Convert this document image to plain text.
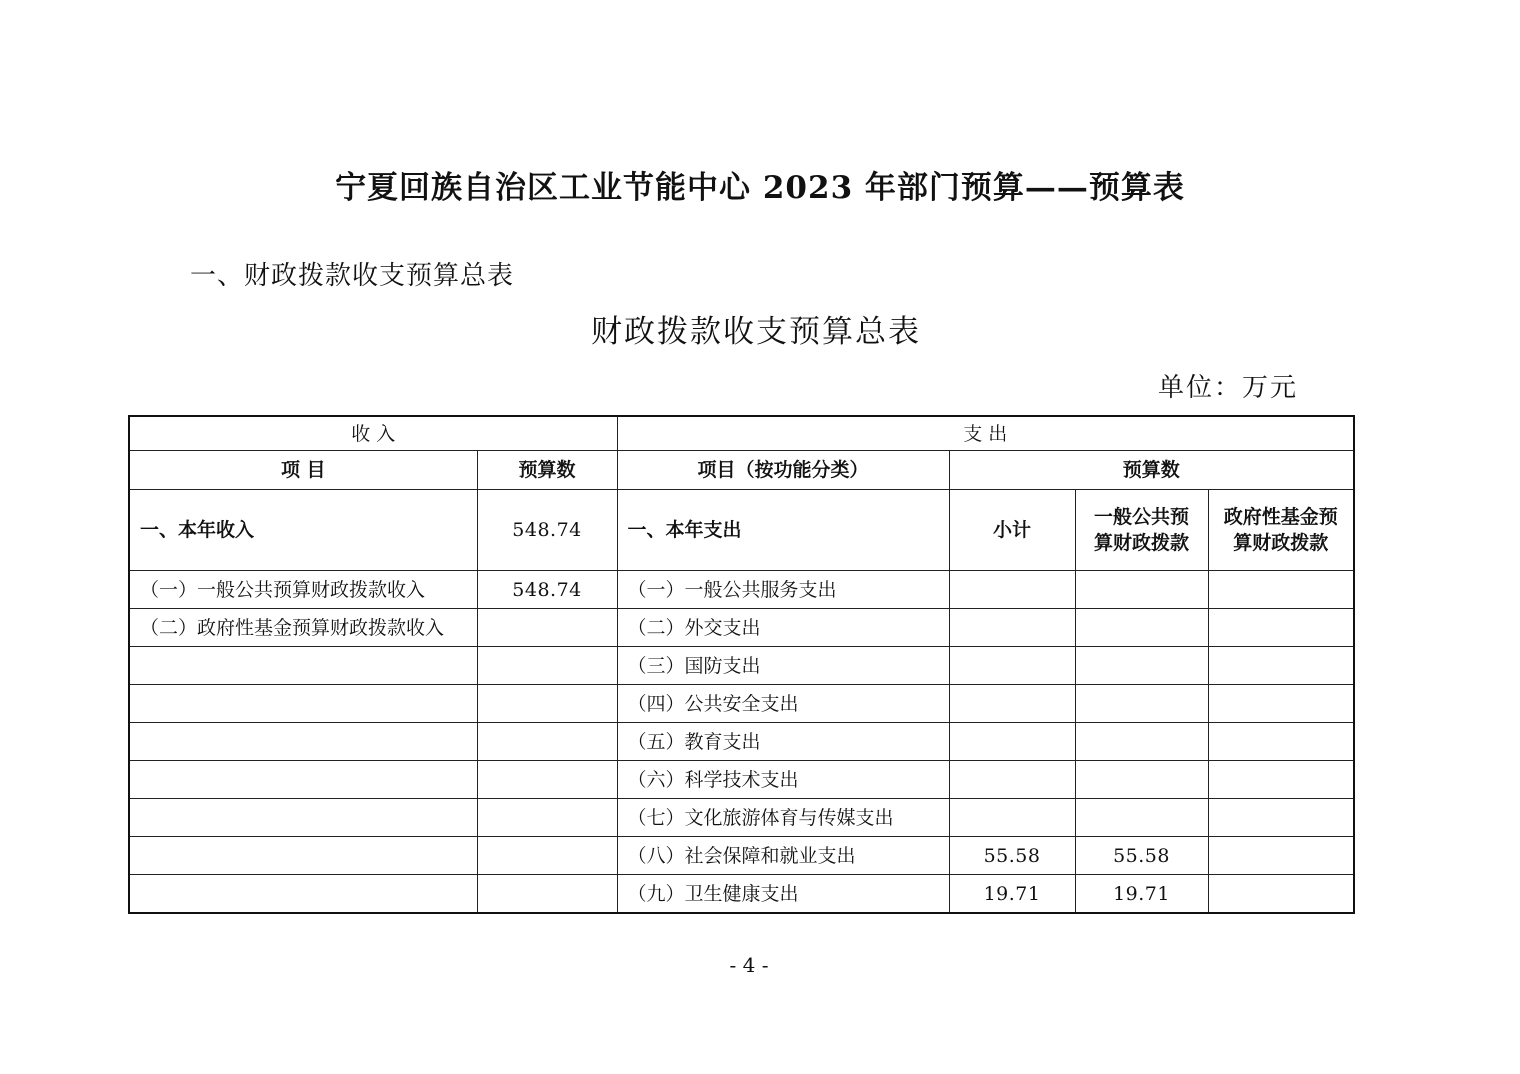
宁夏回族自治区工业节能中心 2023 年部门预算——预算表
一、财政拨款收支预算总表
财政拨款收支预算总表
单位：万元
收 入		支 出			
项 目	预算数	项目（按功能分类）	预算数		
一、本年收入	548.74	一、本年支出	小计	一般公共预算财政拨款	政府性基金预算财政拨款
（一）一般公共预算财政拨款收入	548.74	（一）一般公共服务支出			
（二）政府性基金预算财政拨款收入		（二）外交支出			
		（三）国防支出			
		（四）公共安全支出			
		（五）教育支出			
		（六）科学技术支出			
		（七）文化旅游体育与传媒支出			
		（八）社会保障和就业支出	55.58	55.58	
		（九）卫生健康支出	19.71	19.71	
- 4 -
